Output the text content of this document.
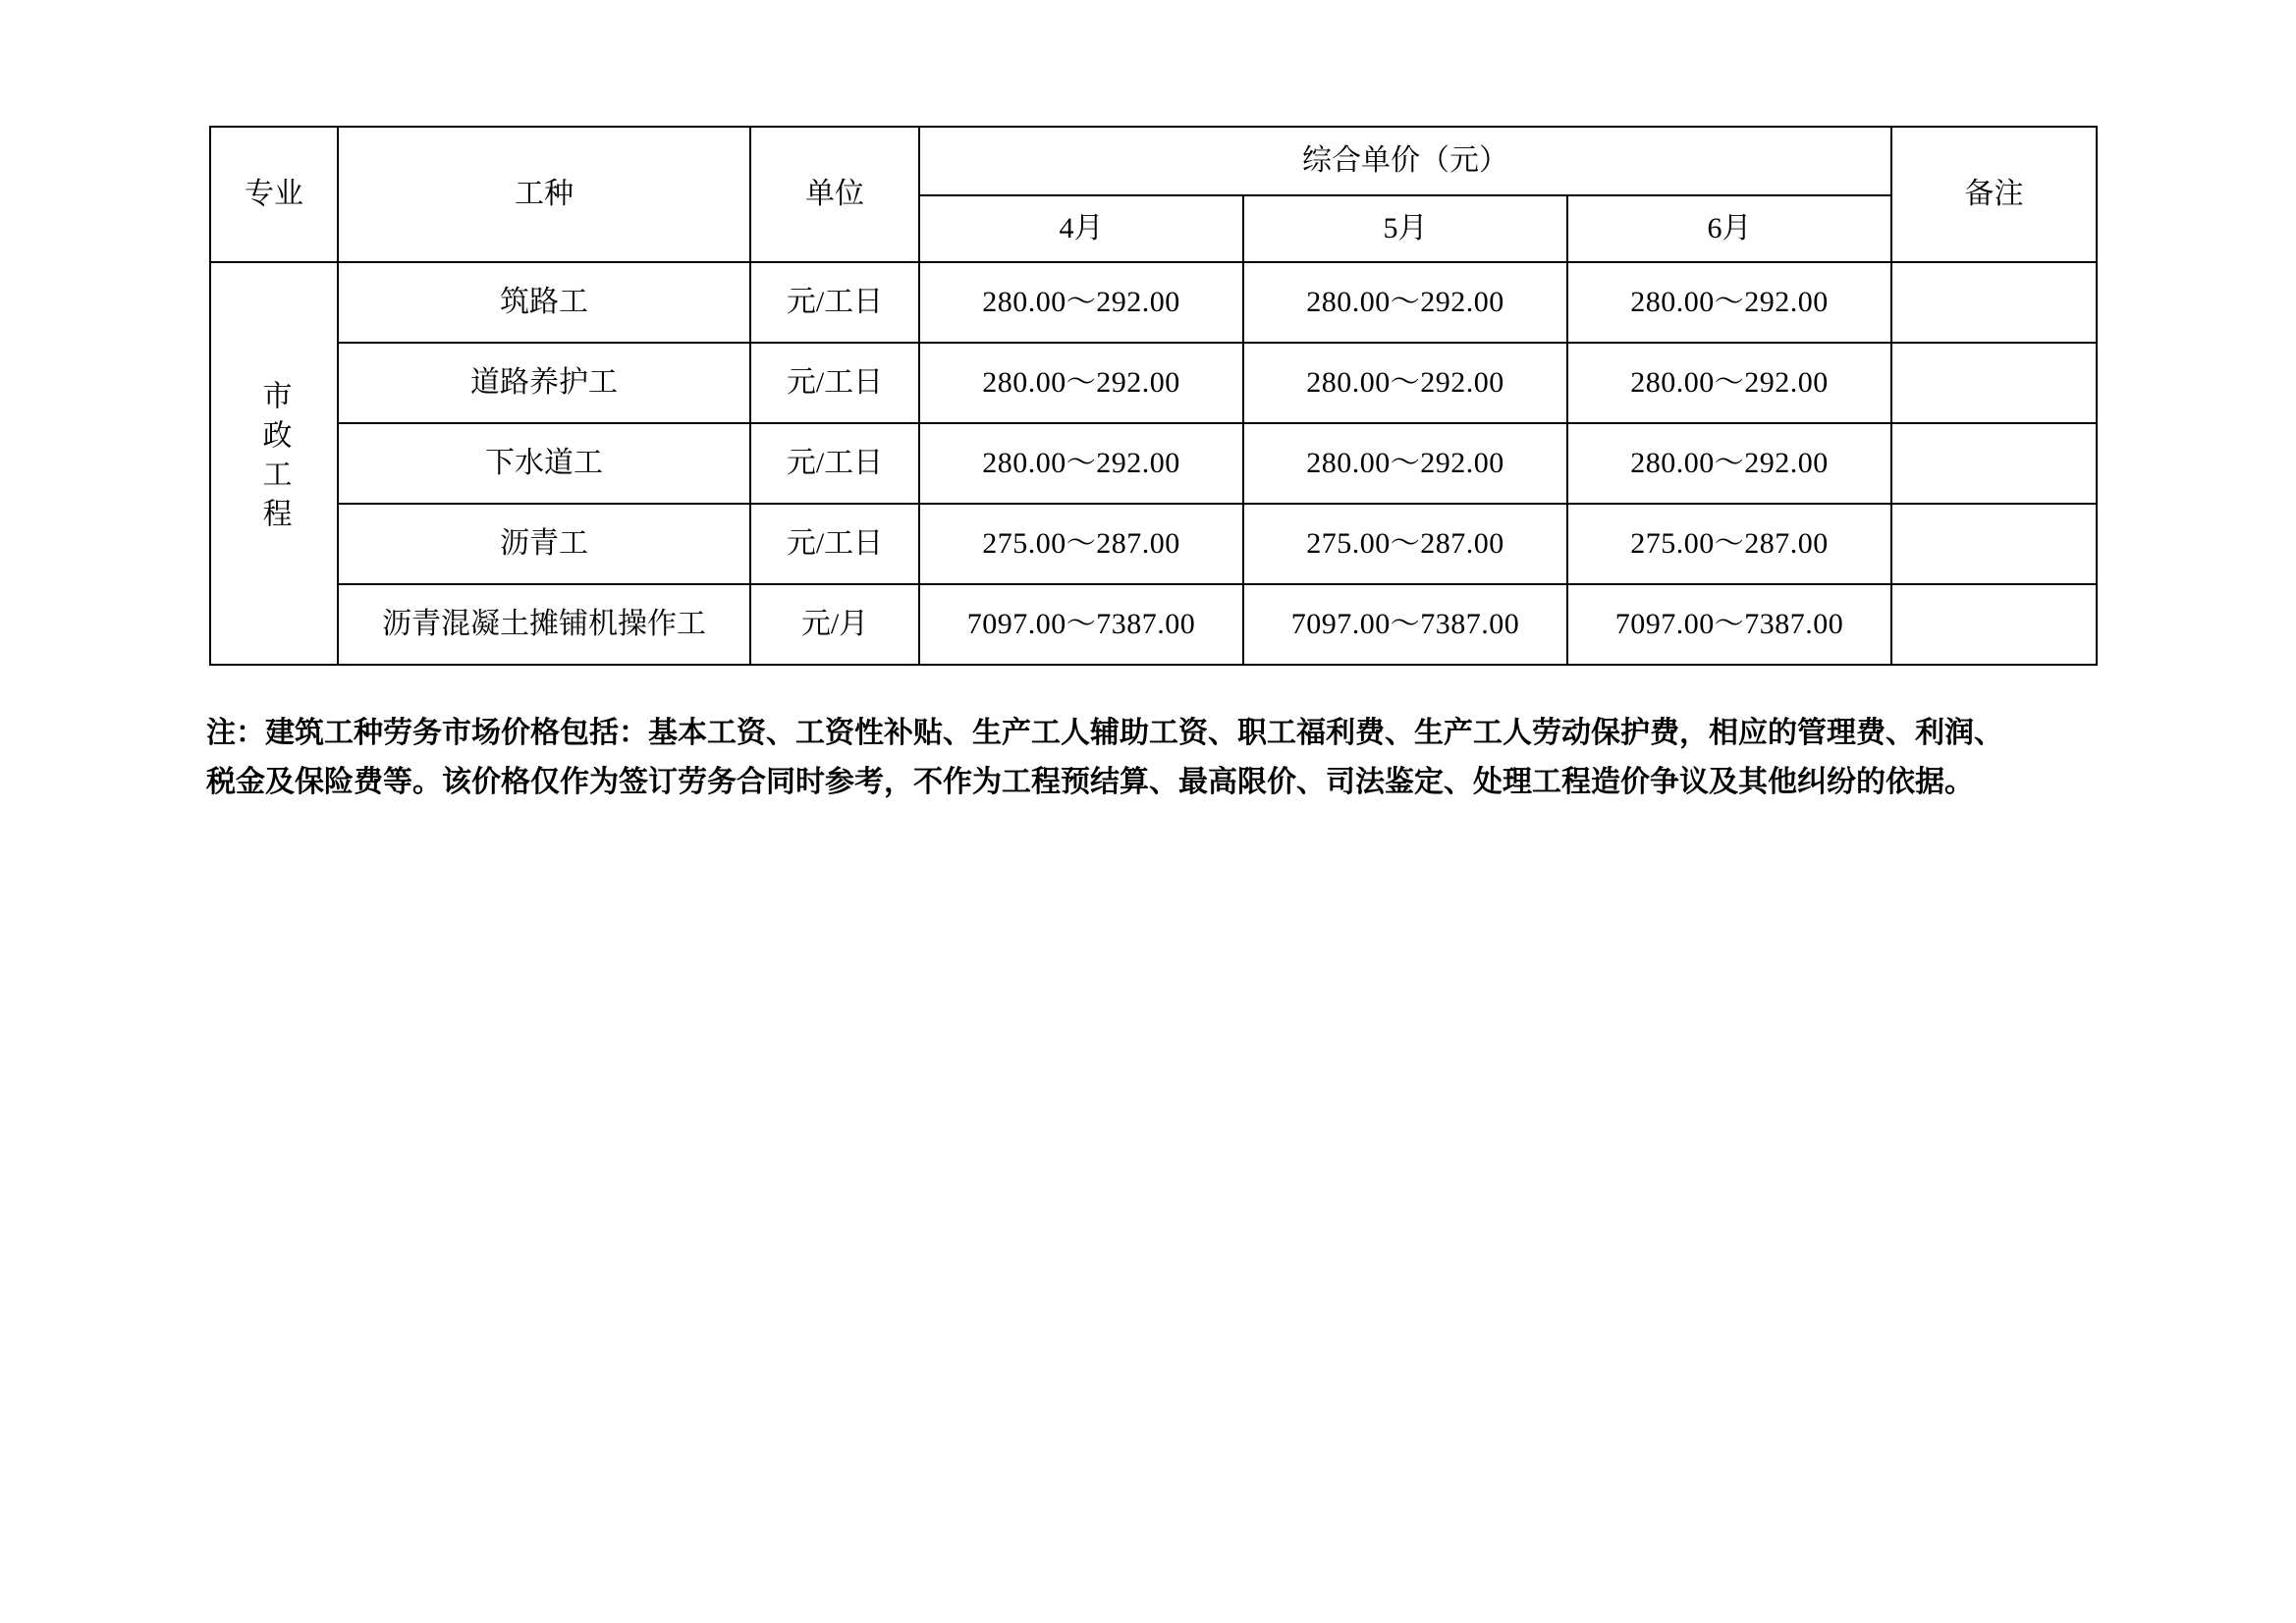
专业	工种	单位	综合单价（元）			备注
			4月	5月	6月	
市政工程	筑路工	元/工日	280.00～292.00	280.00～292.00	280.00～292.00	
	道路养护工	元/工日	280.00～292.00	280.00～292.00	280.00～292.00	
	下水道工	元/工日	280.00～292.00	280.00～292.00	280.00～292.00	
	沥青工	元/工日	275.00～287.00	275.00～287.00	275.00～287.00	
	沥青混凝土摊铺机操作工	元/月	7097.00～7387.00	7097.00～7387.00	7097.00～7387.00	
注：建筑工种劳务市场价格包括：基本工资、工资性补贴、生产工人辅助工资、职工福利费、生产工人劳动保护费，相应的管理费、利润、
税金及保险费等。该价格仅作为签订劳务合同时参考，不作为工程预结算、最高限价、司法鉴定、处理工程造价争议及其他纠纷的依据。
